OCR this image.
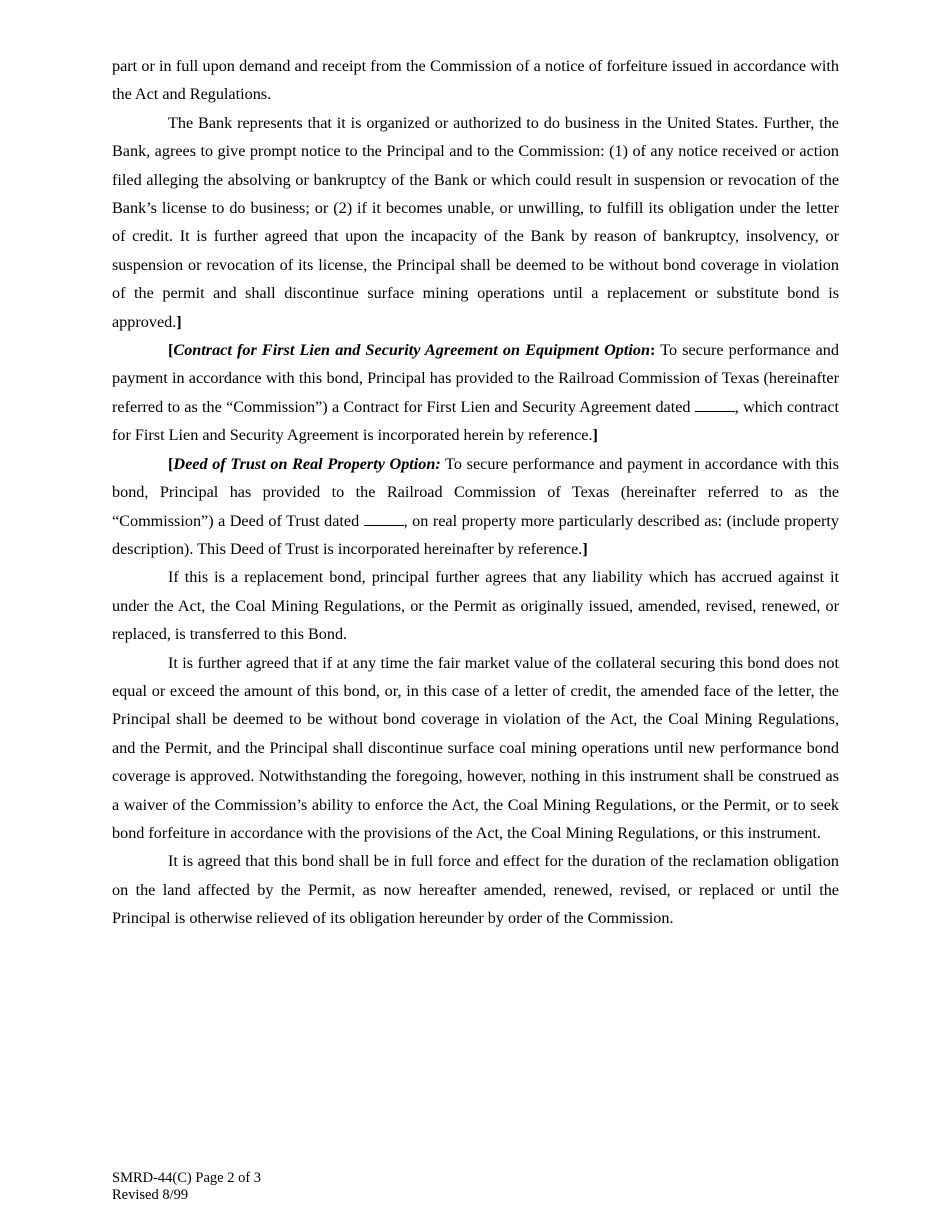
part or in full upon demand and receipt from the Commission of a notice of forfeiture issued in accordance with the Act and Regulations.

The Bank represents that it is organized or authorized to do business in the United States. Further, the Bank, agrees to give prompt notice to the Principal and to the Commission: (1) of any notice received or action filed alleging the absolving or bankruptcy of the Bank or which could result in suspension or revocation of the Bank’s license to do business; or (2) if it becomes unable, or unwilling, to fulfill its obligation under the letter of credit. It is further agreed that upon the incapacity of the Bank by reason of bankruptcy, insolvency, or suspension or revocation of its license, the Principal shall be deemed to be without bond coverage in violation of the permit and shall discontinue surface mining operations until a replacement or substitute bond is approved.]

[Contract for First Lien and Security Agreement on Equipment Option: To secure performance and payment in accordance with this bond, Principal has provided to the Railroad Commission of Texas (hereinafter referred to as the “Commission”) a Contract for First Lien and Security Agreement dated , which contract for First Lien and Security Agreement is incorporated herein by reference.]

[Deed of Trust on Real Property Option: To secure performance and payment in accordance with this bond, Principal has provided to the Railroad Commission of Texas (hereinafter referred to as the “Commission”) a Deed of Trust dated , on real property more particularly described as: (include property description). This Deed of Trust is incorporated hereinafter by reference.]

If this is a replacement bond, principal further agrees that any liability which has accrued against it under the Act, the Coal Mining Regulations, or the Permit as originally issued, amended, revised, renewed, or replaced, is transferred to this Bond.

It is further agreed that if at any time the fair market value of the collateral securing this bond does not equal or exceed the amount of this bond, or, in this case of a letter of credit, the amended face of the letter, the Principal shall be deemed to be without bond coverage in violation of the Act, the Coal Mining Regulations, and the Permit, and the Principal shall discontinue surface coal mining operations until new performance bond coverage is approved. Notwithstanding the foregoing, however, nothing in this instrument shall be construed as a waiver of the Commission’s ability to enforce the Act, the Coal Mining Regulations, or the Permit, or to seek bond forfeiture in accordance with the provisions of the Act, the Coal Mining Regulations, or this instrument.

It is agreed that this bond shall be in full force and effect for the duration of the reclamation obligation on the land affected by the Permit, as now hereafter amended, renewed, revised, or replaced or until the Principal is otherwise relieved of its obligation hereunder by order of the Commission.

SMRD-44(C) Page 2 of 3
Revised 8/99
